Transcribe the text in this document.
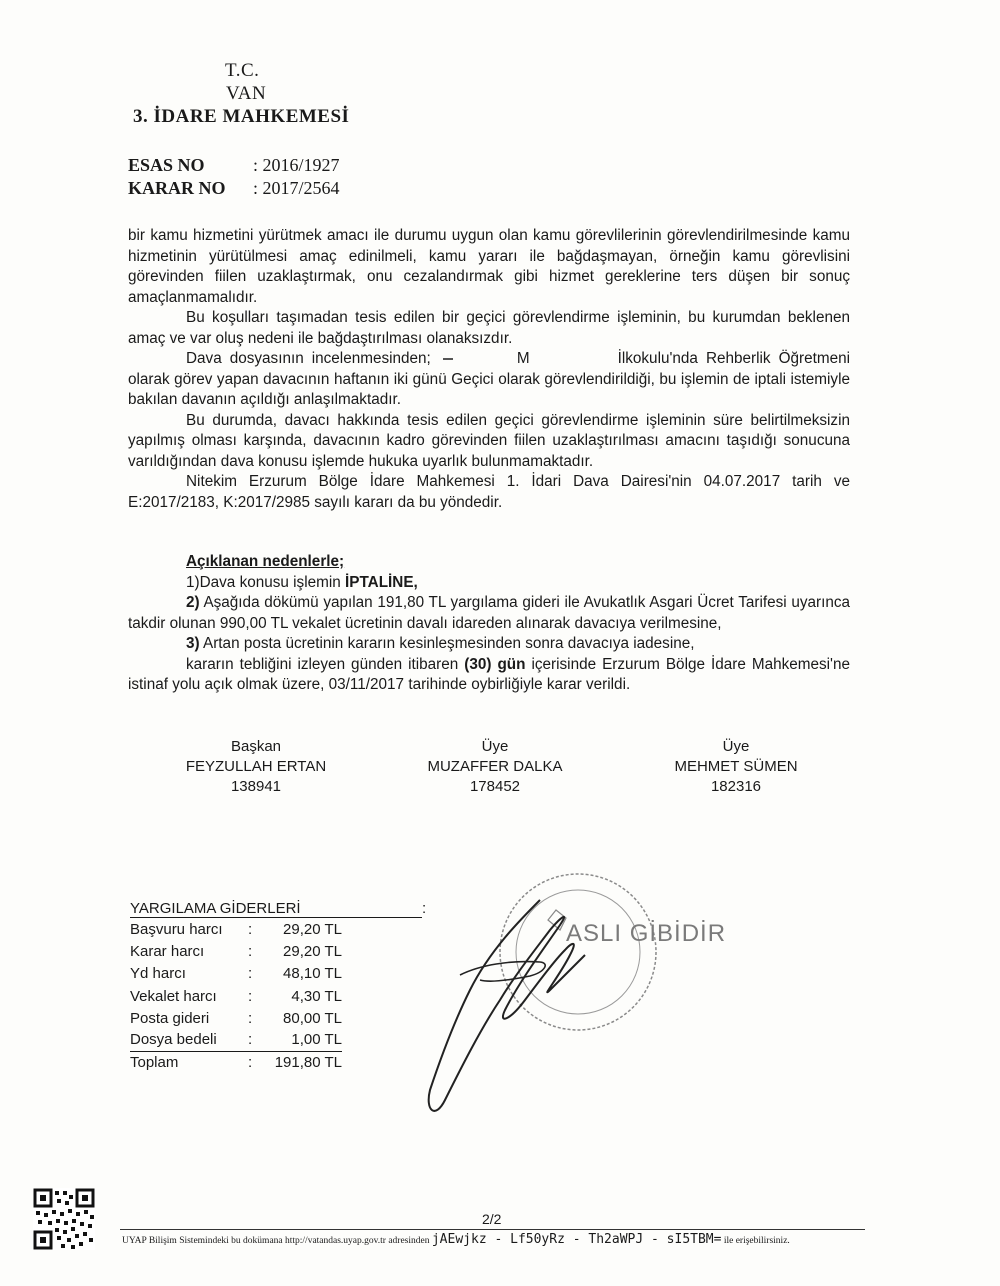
T.C.
VAN
3. İDARE MAHKEMESİ
ESAS NO	: 2016/1927
KARAR NO : 2017/2564

bir kamu hizmetini yürütmek amacı ile durumu uygun olan kamu görevlilerinin görevlendirilmesinde kamu hizmetinin yürütülmesi amaç edinilmeli, kamu yararı ile bağdaşmayan, örneğin kamu görevlisini görevinden fiilen uzaklaştırmak, onu cezalandırmak gibi hizmet gereklerine ters düşen bir sonuç amaçlanmamalıdır.

Bu koşulları taşımadan tesis edilen bir geçici görevlendirme işleminin, bu kurumdan beklenen amaç ve var oluş nedeni ile bağdaştırılması olanaksızdır.

Dava dosyasının incelenmesinden;	M	İlkokulu'nda Rehberlik Öğretmeni olarak görev yapan davacının haftanın iki günü Geçici olarak görevlendirildiği, bu işlemin de iptali istemiyle bakılan davanın açıldığı anlaşılmaktadır.

Bu durumda, davacı hakkında tesis edilen geçici görevlendirme işleminin süre belirtilmeksizin yapılmış olması karşında, davacının kadro görevinden fiilen uzaklaştırılması amacını taşıdığı sonucuna varıldığından dava konusu işlemde hukuka uyarlık bulunmamaktadır.

Nitekim Erzurum Bölge İdare Mahkemesi 1. İdari Dava Dairesi'nin 04.07.2017 tarih ve E:2017/2183, K:2017/2985 sayılı kararı da bu yöndedir.

Açıklanan nedenlerle;

1)Dava konusu işlemin İPTALİNE,

2) Aşağıda dökümü yapılan 191,80 TL yargılama gideri ile Avukatlık Asgari Ücret Tarifesi uyarınca takdir olunan 990,00 TL vekalet ücretinin davalı idareden alınarak davacıya verilmesine,

3) Artan posta ücretinin kararın kesinleşmesinden sonra davacıya iadesine,

kararın tebliğini izleyen günden itibaren (30) gün içerisinde Erzurum Bölge İdare Mahkemesi'ne istinaf yolu açık olmak üzere, 03/11/2017 tarihinde oybirliğiyle karar verildi.

Başkan
FEYZULLAH ERTAN
138941
Üye
MUZAFFER DALKA
178452
Üye
MEHMET SÜMEN
182316
YARGILAMA GİDERLERİ	:
Başvuru harcı : 29,20 TL
Karar harcı	: 29,20 TL
Yd harcı	: 48,10 TL
Vekalet harcı :	4,30 TL
Posta gideri	: 80,00 TL
Dosya bedeli :	1,00 TL
Toplam	: 191,80 TL
ASLI GİBİDİR
2/2
UYAP Bilişim Sistemindeki bu dokümana http://vatandas.uyap.gov.tr adresinden jAEwjkz - Lf50yRz - Th2aWPJ - sI5TBM= ile erişebilirsiniz.
